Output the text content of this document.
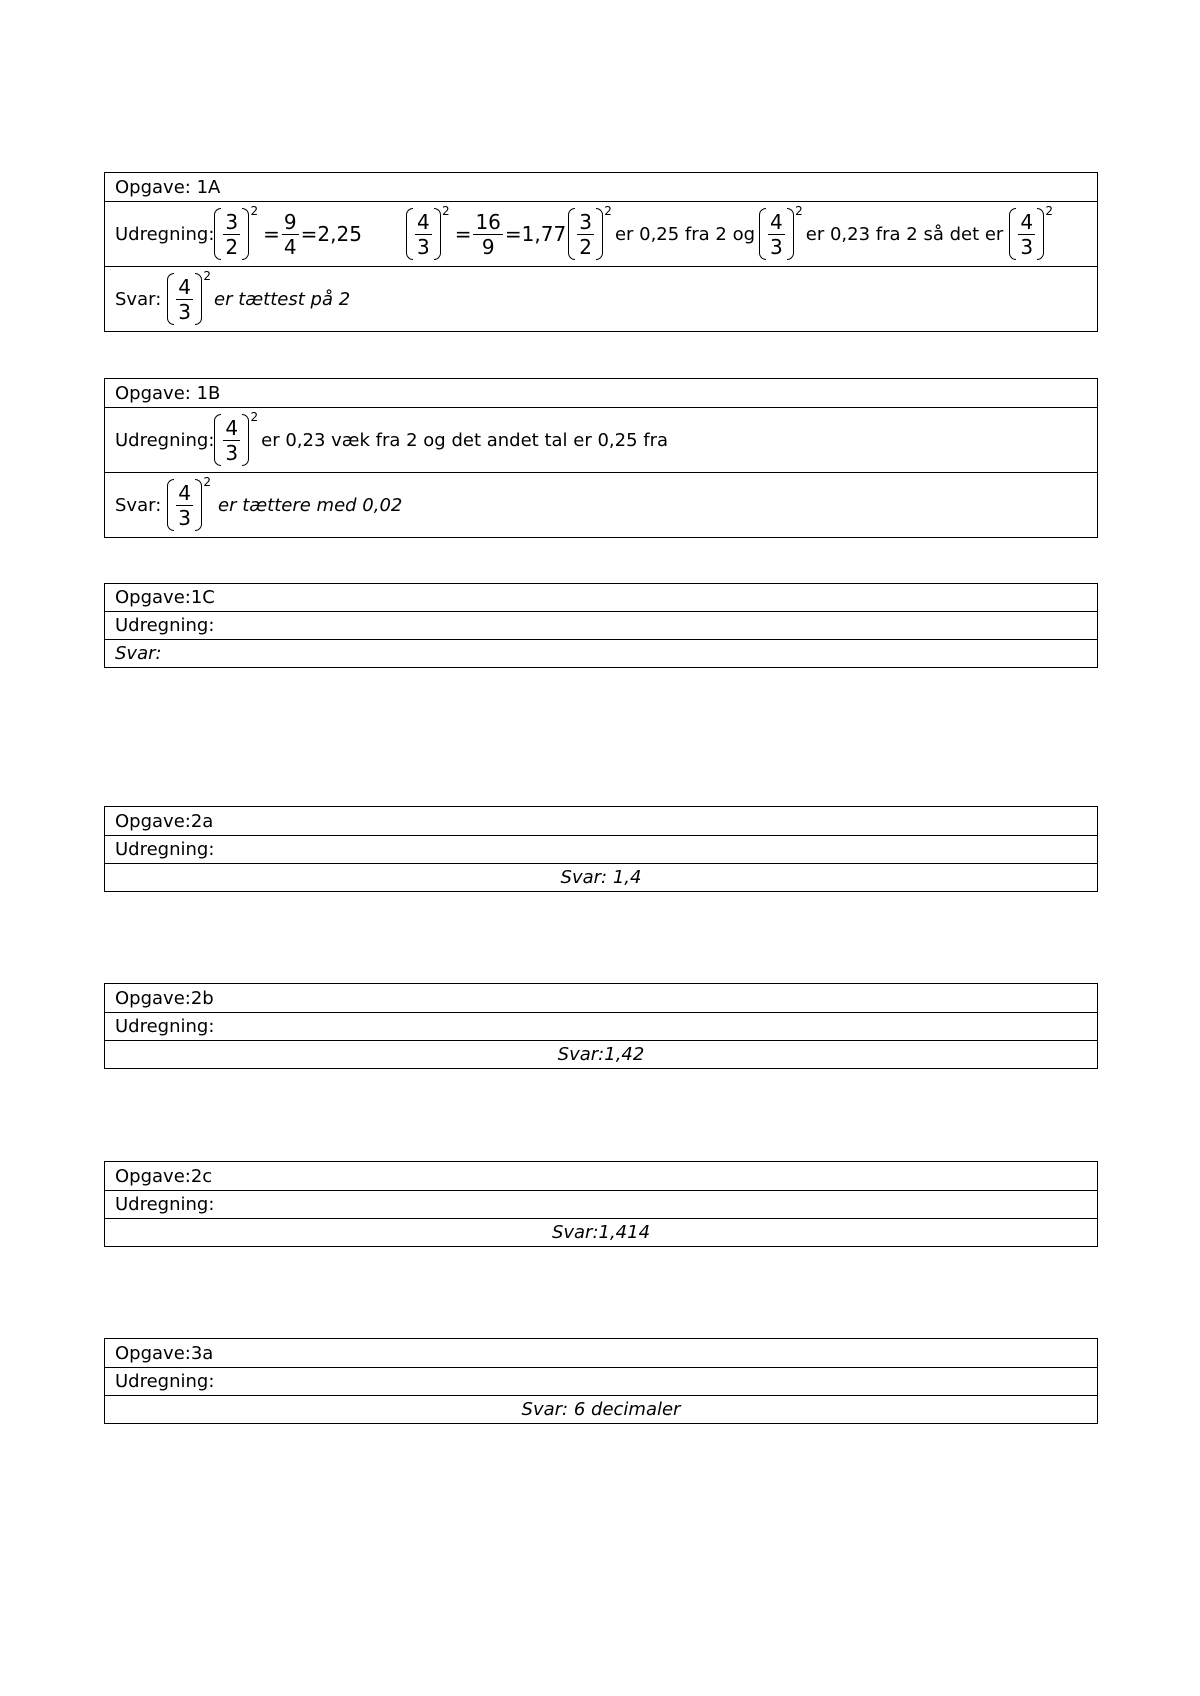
Opgave: 1A
Udregning: $\frac{3}{2} 2$
= $\frac{9}{4} =2,25$	$\frac{4}{3} 2$
= $\frac{16}{9} =1,77 \frac{3}{2} 2$
er 0,25 fra 2 og $\frac{4}{3} 2$
er 0,23 fra 2 så det er $\frac{4}{3} 2$
Svar: $\frac{4}{3} 2$
er tættest på 2
Opgave: 1B
Udregning: $\frac{4}{3} 2$
er 0,23 væk fra 2 og det andet tal er 0,25 fra
Svar: $\frac{4}{3} 2$
er tættere med 0,02
Opgave:1C
Udregning:
Svar:
Opgave:2a
Udregning:
Svar: 1,4
Opgave:2b
Udregning:
Svar:1,42
Opgave:2c
Udregning:
Svar:1,414
Opgave:3a
Udregning:
Svar: 6 decimaler
